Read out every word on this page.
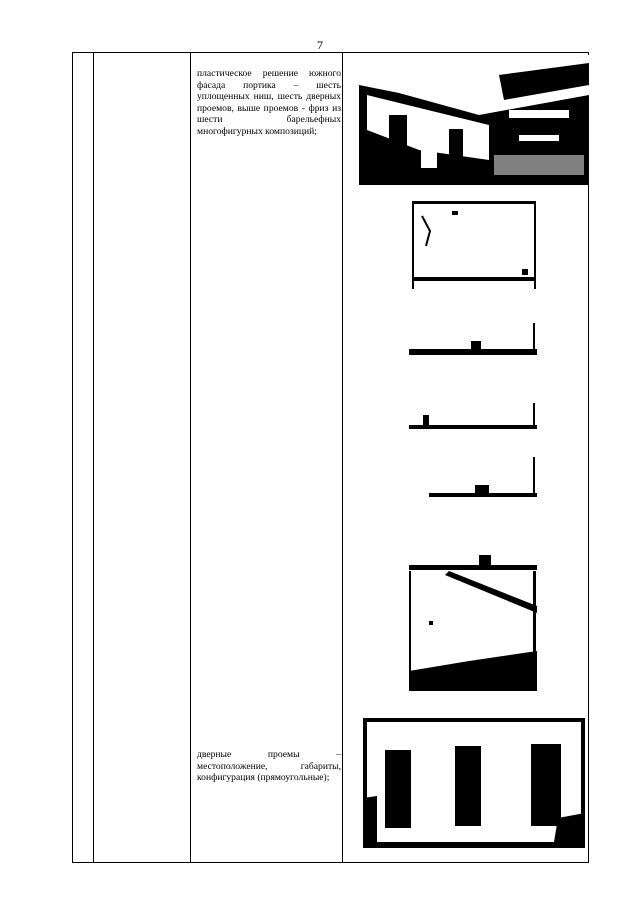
7
пластическое решение южного фасада портика – шесть уплощенных ниш, шесть дверных проемов, выше проемов - фриз из шести барельефных многофигурных композиций;
дверные проемы – местоположение, габариты, конфигурация (прямоугольные);
